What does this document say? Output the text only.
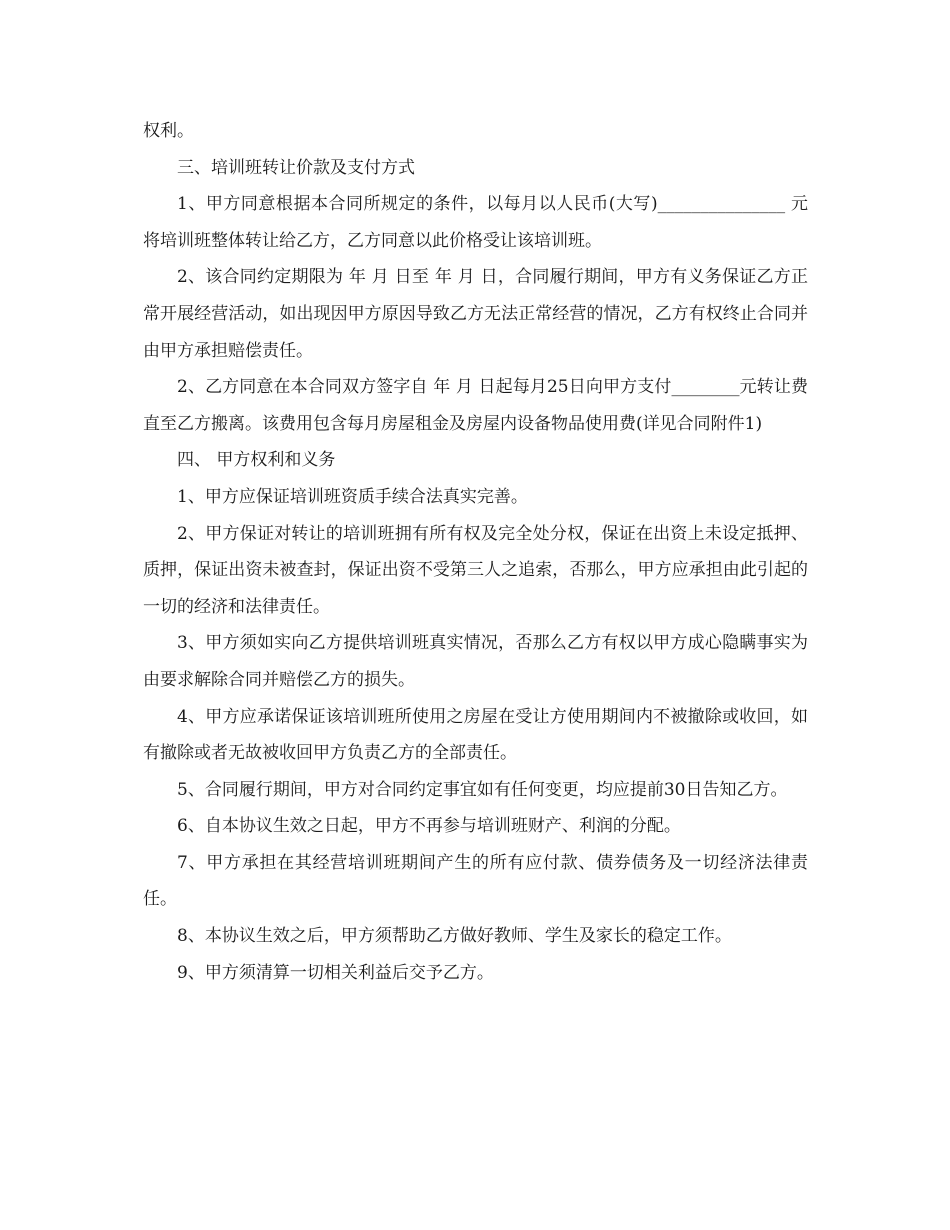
权利。

三、培训班转让价款及支付方式

1、甲方同意根据本合同所规定的条件，以每月以人民币(大写)_______________ 元将培训班整体转让给乙方，乙方同意以此价格受让该培训班。

2、该合同约定期限为 年 月 日至 年 月 日，合同履行期间，甲方有义务保证乙方正常开展经营活动，如出现因甲方原因导致乙方无法正常经营的情况，乙方有权终止合同并由甲方承担赔偿责任。

2、乙方同意在本合同双方签字自 年 月 日起每月25日向甲方支付________元转让费直至乙方搬离。该费用包含每月房屋租金及房屋内设备物品使用费(详见合同附件1)

四、 甲方权利和义务

1、甲方应保证培训班资质手续合法真实完善。

2、甲方保证对转让的培训班拥有所有权及完全处分权，保证在出资上未设定抵押、质押，保证出资未被查封，保证出资不受第三人之追索，否那么，甲方应承担由此引起的一切的经济和法律责任。

3、甲方须如实向乙方提供培训班真实情况，否那么乙方有权以甲方成心隐瞒事实为由要求解除合同并赔偿乙方的损失。

4、甲方应承诺保证该培训班所使用之房屋在受让方使用期间内不被撤除或收回，如有撤除或者无故被收回甲方负责乙方的全部责任。

5、合同履行期间，甲方对合同约定事宜如有任何变更，均应提前30日告知乙方。

6、自本协议生效之日起，甲方不再参与培训班财产、利润的分配。

7、甲方承担在其经营培训班期间产生的所有应付款、债券债务及一切经济法律责任。

8、本协议生效之后，甲方须帮助乙方做好教师、学生及家长的稳定工作。

9、甲方须清算一切相关利益后交予乙方。
